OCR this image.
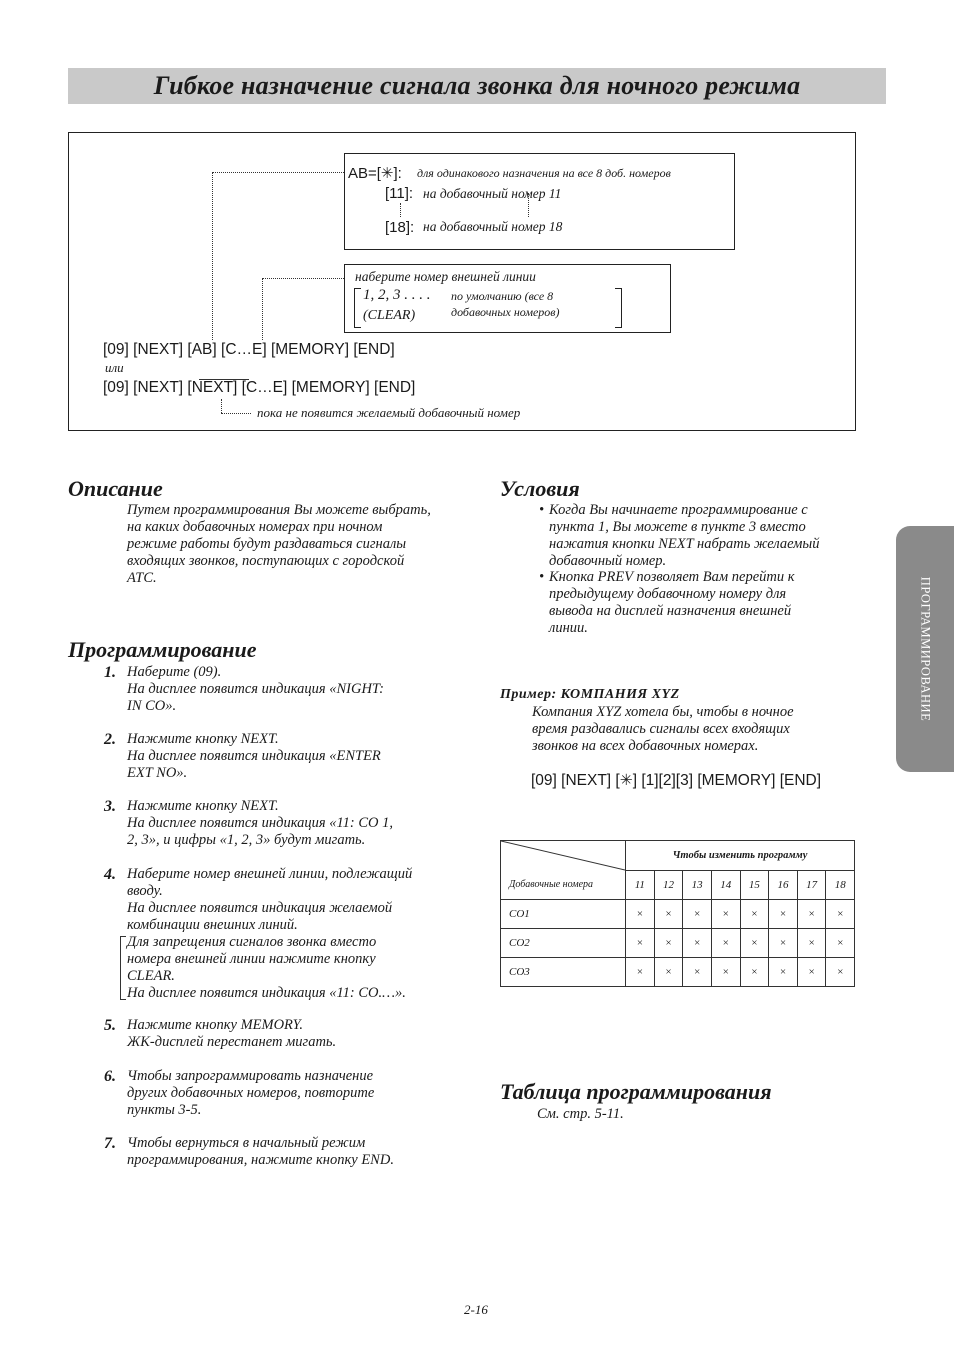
Гибкое назначение сигнала звонка для ночного режима
AB=[✳]: для одинакового назначения на все 8 доб. номеров
[11]: на добавочный номер 11
[18]: на добавочный номер 18
наберите номер внешней линии
1, 2, 3 . . . . по умолчанию (все 8
(CLEAR)	добавочных номеров)
[09] [NEXT] [AB] [C…E] [MEMORY] [END]
или
[09] [NEXT] [NEXT] [C…E] [MEMORY] [END]
пока не появится желаемый добавочный номер
Описание
Путем программирования Вы можете выбрать,
на каких добавочных номерах при ночном
режиме работы будут раздаваться сигналы
входящих звонков, поступающих с городской
АТС.
Программирование
1. Наберите (09).
На дисплее появится индикация «NIGHT:
IN CO».
2. Нажмите кнопку NEXT.
На дисплее появится индикация «ENTER
EXT NO».
3. Нажмите кнопку NEXT.
На дисплее появится индикация «11: CO 1,
2, 3», и цифры «1, 2, 3» будут мигать.
4. Наберите номер внешней линии, подлежащий
вводу.
На дисплее появится индикация желаемой
комбинации внешних линий.
Для запрещения сигналов звонка вместо
номера внешней линии нажмите кнопку
CLEAR.
На дисплее появится индикация «11: CO.…».
5. Нажмите кнопку MEMORY.
ЖК-дисплей перестанет мигать.
6. Чтобы запрограммировать назначение
других добавочных номеров, повторите
пункты 3-5.
7. Чтобы вернуться в начальный режим
программирования, нажмите кнопку END.
Условия
• Когда Вы начинаете программирование с
пункта 1, Вы можете в пункте 3 вместо
нажатия кнопки NEXT набрать желаемый
добавочный номер.
• Кнопка PREV позволяет Вам перейти к
предыдущему добавочному номеру для
вывода на дисплей назначения внешней
линии.
Пример: КОМПАНИЯ XYZ
Компания XYZ хотела бы, чтобы в ночное
время раздавались сигналы всех входящих
звонков на всех добавочных номерах.
[09] [NEXT] [✳] [1][2][3] [MEMORY] [END]
Добавочные номера	Чтобы изменить программу							
	11	12	13	14	15	16	17	18
CO1	×	×	×	×	×	×	×	×
CO2	×	×	×	×	×	×	×	×
CO3	×	×	×	×	×	×	×	×
Таблица программирования
См. стр. 5-11.
ПРОГРАММИРОВАНИЕ
2-16
